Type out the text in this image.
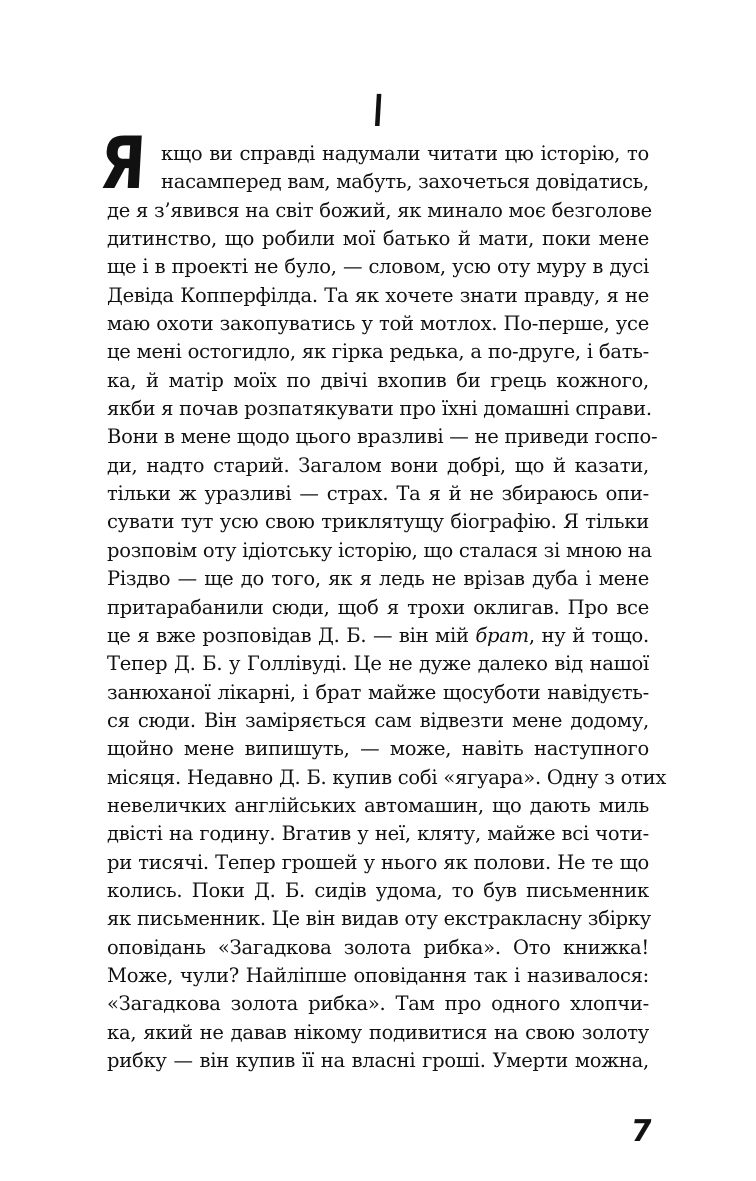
I
Я кщо ви справді надумали читати цю історію, то
насамперед вам, мабуть, захочеться довідатись,
де я з’явився на світ божий, як минало моє безголове
дитинство, що робили мої батько й мати, поки мене
ще і в проекті не було, — словом, усю оту муру в дусі
Девіда Копперфілда. Та як хочете знати правду, я не
маю охоти закопуватись у той мотлох. По-перше, усе
це мені остогидло, як гірка редька, а по-друге, і бать-
ка, й матір моїх по двічі вхопив би грець кожного,
якби я почав розпатякувати про їхні домашні справи.
Вони в мене щодо цього вразливі — не приведи госпо-
ди, надто старий. Загалом вони добрі, що й казати,
тільки ж уразливі — страх. Та я й не збираюсь опи-
сувати тут усю свою триклятущу біографію. Я тільки
розповім оту ідіотську історію, що сталася зі мною на
Різдво — ще до того, як я ледь не врізав дуба і мене
притарабанили сюди, щоб я трохи оклигав. Про все
це я вже розповідав Д. Б. — він мій брат, ну й тощо.
Тепер Д. Б. у Голлівуді. Це не дуже далеко від нашої
занюханої лікарні, і брат майже щосуботи навідуєть-
ся сюди. Він заміряється сам відвезти мене додому,
щойно мене випишуть, — може, навіть наступного
місяця. Недавно Д. Б. купив собі «ягуара». Одну з отих
невеличких англійських автомашин, що дають миль
двісті на годину. Вгатив у неї, кляту, майже всі чоти-
ри тисячі. Тепер грошей у нього як полови. Не те що
колись. Поки Д. Б. сидів удома, то був письменник
як письменник. Це він видав оту екстракласну збірку
оповідань «Загадкова золота рибка». Ото книжка!
Може, чули? Найліпше оповідання так і називалося:
«Загадкова золота рибка». Там про одного хлопчи-
ка, який не давав нікому подивитися на свою золоту
рибку — він купив її на власні гроші. Умерти можна,
7
